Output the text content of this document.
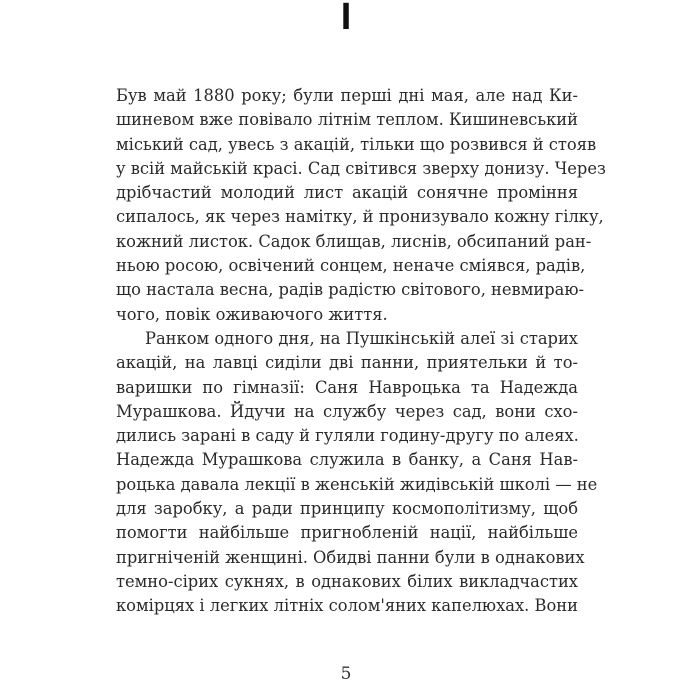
I
Був май 1880 року; були перші дні мая, але над Ки-
шиневом вже повівало літнім теплом. Кишиневський
міський сад, увесь з акацій, тільки що розвився й стояв
у всій майській красі. Сад світився зверху донизу. Через
дрібчастий молодий лист акацій сонячне проміння
сипалось, як через намітку, й пронизувало кожну гілку,
кожний листок. Садок блищав, лиснів, обсипаний ран-
ньою росою, освічений сонцем, неначе сміявся, радів,
що настала весна, радів радістю світового, невмираю-
чого, повік оживаючого життя.
Ранком одного дня, на Пушкінській алеї зі старих
акацій, на лавці сиділи дві панни, приятельки й то-
варишки по гімназії: Саня Навроцька та Надежда
Мурашкова. Йдучи на службу через сад, вони схо-
дились зарані в саду й гуляли годину-другу по алеях.
Надежда Мурашкова служила в банку, а Саня Нав-
роцька давала лекції в женській жидівській школі — не
для заробку, а ради принципу космополітизму, щоб
помогти найбільше пригнобленій нації, найбільше
пригніченій женщині. Обидві панни були в однакових
темно-сірих сукнях, в однакових білих викладчастих
комірцях і легких літніх солом'яних капелюхах. Вони
5
